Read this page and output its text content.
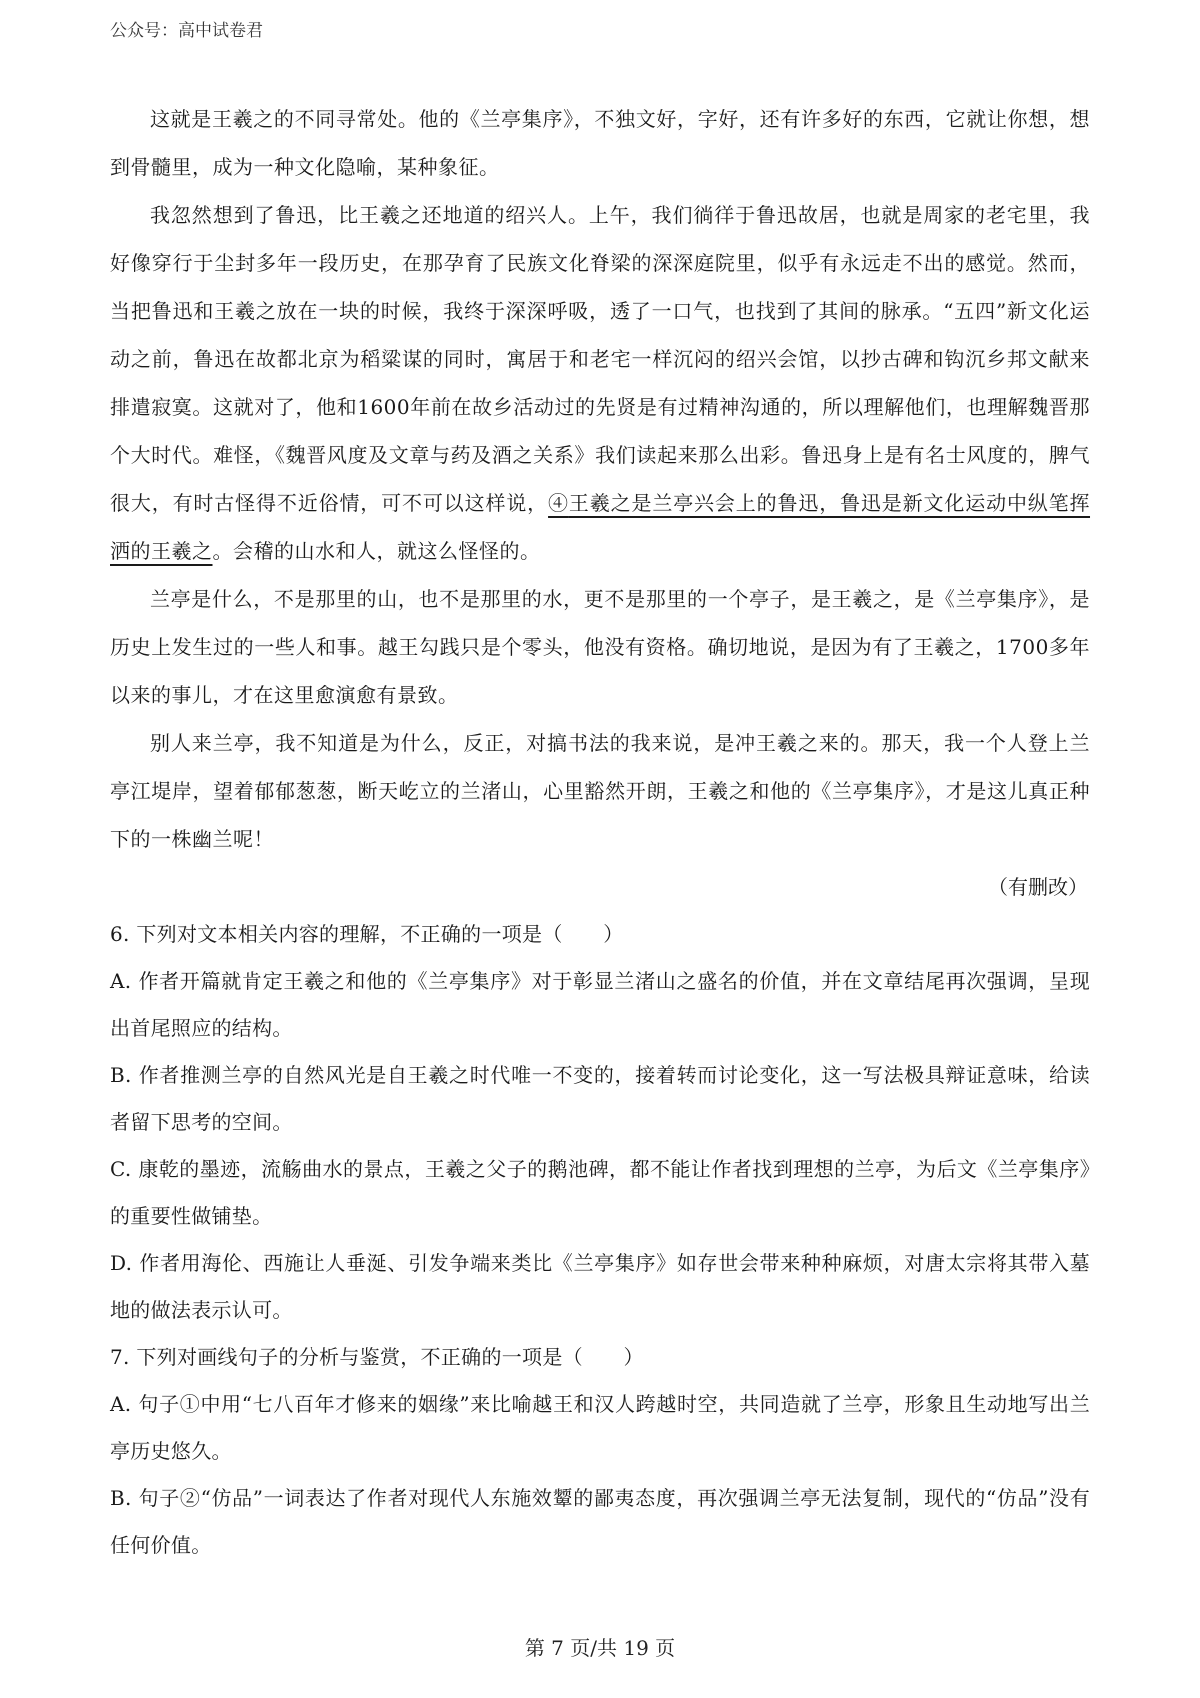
公众号：高中试卷君

这就是王羲之的不同寻常处。他的《兰亭集序》，不独文好，字好，还有许多好的东西，它就让你想，想到骨髓里，成为一种文化隐喻，某种象征。

我忽然想到了鲁迅，比王羲之还地道的绍兴人。上午，我们徜徉于鲁迅故居，也就是周家的老宅里，我好像穿行于尘封多年一段历史，在那孕育了民族文化脊梁的深深庭院里，似乎有永远走不出的感觉。然而，当把鲁迅和王羲之放在一块的时候，我终于深深呼吸，透了一口气，也找到了其间的脉承。“五四”新文化运动之前，鲁迅在故都北京为稻粱谋的同时，寓居于和老宅一样沉闷的绍兴会馆，以抄古碑和钩沉乡邦文献来排遣寂寞。这就对了，他和1600年前在故乡活动过的先贤是有过精神沟通的，所以理解他们，也理解魏晋那个大时代。难怪，《魏晋风度及文章与药及酒之关系》我们读起来那么出彩。鲁迅身上是有名士风度的，脾气很大，有时古怪得不近俗情，可不可以这样说，④王羲之是兰亭兴会上的鲁迅，鲁迅是新文化运动中纵笔挥洒的王羲之。会稽的山水和人，就这么怪怪的。

兰亭是什么，不是那里的山，也不是那里的水，更不是那里的一个亭子，是王羲之，是《兰亭集序》，是历史上发生过的一些人和事。越王勾践只是个零头，他没有资格。确切地说，是因为有了王羲之，1700多年以来的事儿，才在这里愈演愈有景致。

别人来兰亭，我不知道是为什么，反正，对搞书法的我来说，是冲王羲之来的。那天，我一个人登上兰亭江堤岸，望着郁郁葱葱，断天屹立的兰渚山，心里豁然开朗，王羲之和他的《兰亭集序》，才是这儿真正种下的一株幽兰呢！

（有删改）

6. 下列对文本相关内容的理解，不正确的一项是（　　）

A. 作者开篇就肯定王羲之和他的《兰亭集序》对于彰显兰渚山之盛名的价值，并在文章结尾再次强调，呈现出首尾照应的结构。

B. 作者推测兰亭的自然风光是自王羲之时代唯一不变的，接着转而讨论变化，这一写法极具辩证意味，给读者留下思考的空间。

C. 康乾的墨迹，流觞曲水的景点，王羲之父子的鹅池碑，都不能让作者找到理想的兰亭，为后文《兰亭集序》的重要性做铺垫。

D. 作者用海伦、西施让人垂涎、引发争端来类比《兰亭集序》如存世会带来种种麻烦，对唐太宗将其带入墓地的做法表示认可。

7. 下列对画线句子的分析与鉴赏，不正确的一项是（　　）

A. 句子①中用“七八百年才修来的姻缘”来比喻越王和汉人跨越时空，共同造就了兰亭，形象且生动地写出兰亭历史悠久。

B. 句子②“仿品”一词表达了作者对现代人东施效颦的鄙夷态度，再次强调兰亭无法复制，现代的“仿品”没有任何价值。

第 7 页/共 19 页
